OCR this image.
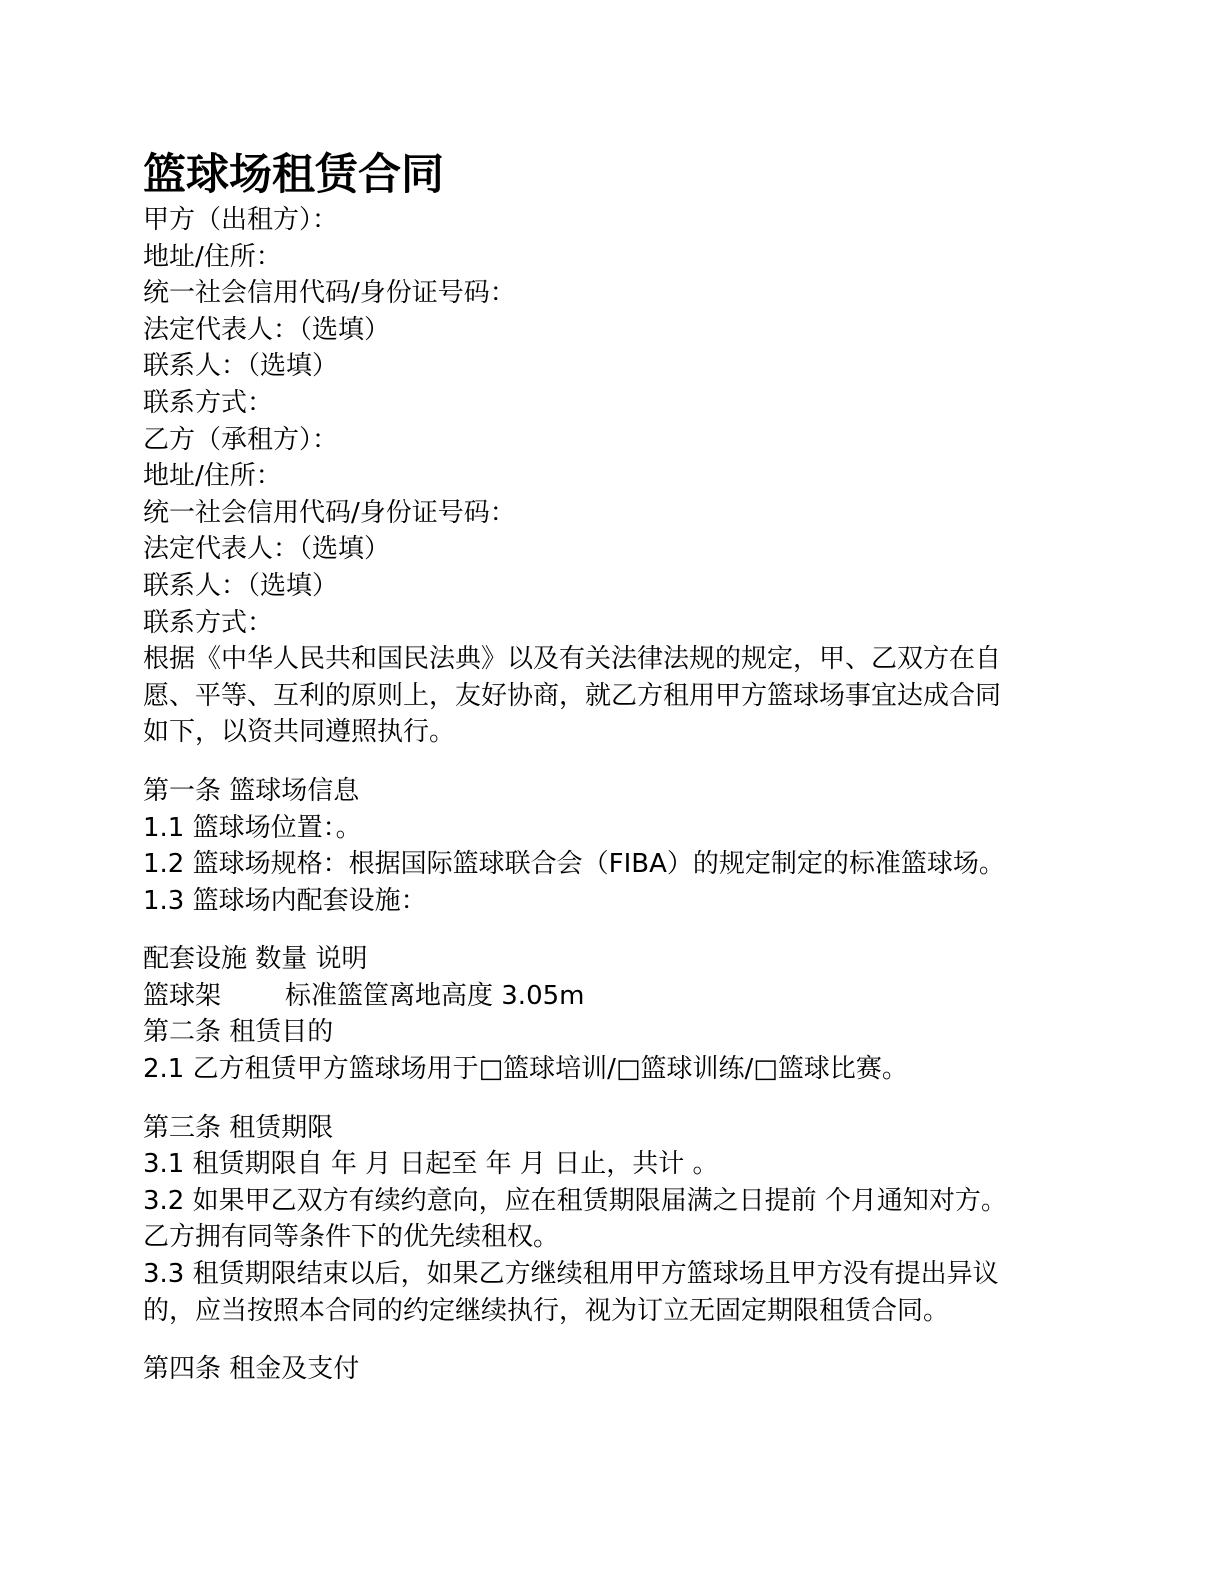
篮球场租赁合同

甲方（出租方）：

地址/住所：

统一社会信用代码/身份证号码：

法定代表人：（选填）

联系人：（选填）

联系方式：

乙方（承租方）：

地址/住所：

统一社会信用代码/身份证号码：

法定代表人：（选填）

联系人：（选填）

联系方式：

根据《中华人民共和国民法典》以及有关法律法规的规定，甲、乙双方在自

愿、平等、互利的原则上，友好协商，就乙方租用甲方篮球场事宜达成合同

如下，以资共同遵照执行。

第一条 篮球场信息

1.1 篮球场位置：。

1.2 篮球场规格：根据国际篮球联合会（FIBA）的规定制定的标准篮球场。

1.3 篮球场内配套设施：

配套设施 数量 说明

篮球架	标准篮筐离地高度 3.05m

第二条 租赁目的

2.1 乙方租赁甲方篮球场用于□篮球培训/□篮球训练/□篮球比赛。

第三条 租赁期限

3.1 租赁期限自 年 月 日起至 年 月 日止，共计 。

3.2 如果甲乙双方有续约意向，应在租赁期限届满之日提前 个月通知对方。

乙方拥有同等条件下的优先续租权。

3.3 租赁期限结束以后，如果乙方继续租用甲方篮球场且甲方没有提出异议

的，应当按照本合同的约定继续执行，视为订立无固定期限租赁合同。

第四条 租金及支付
